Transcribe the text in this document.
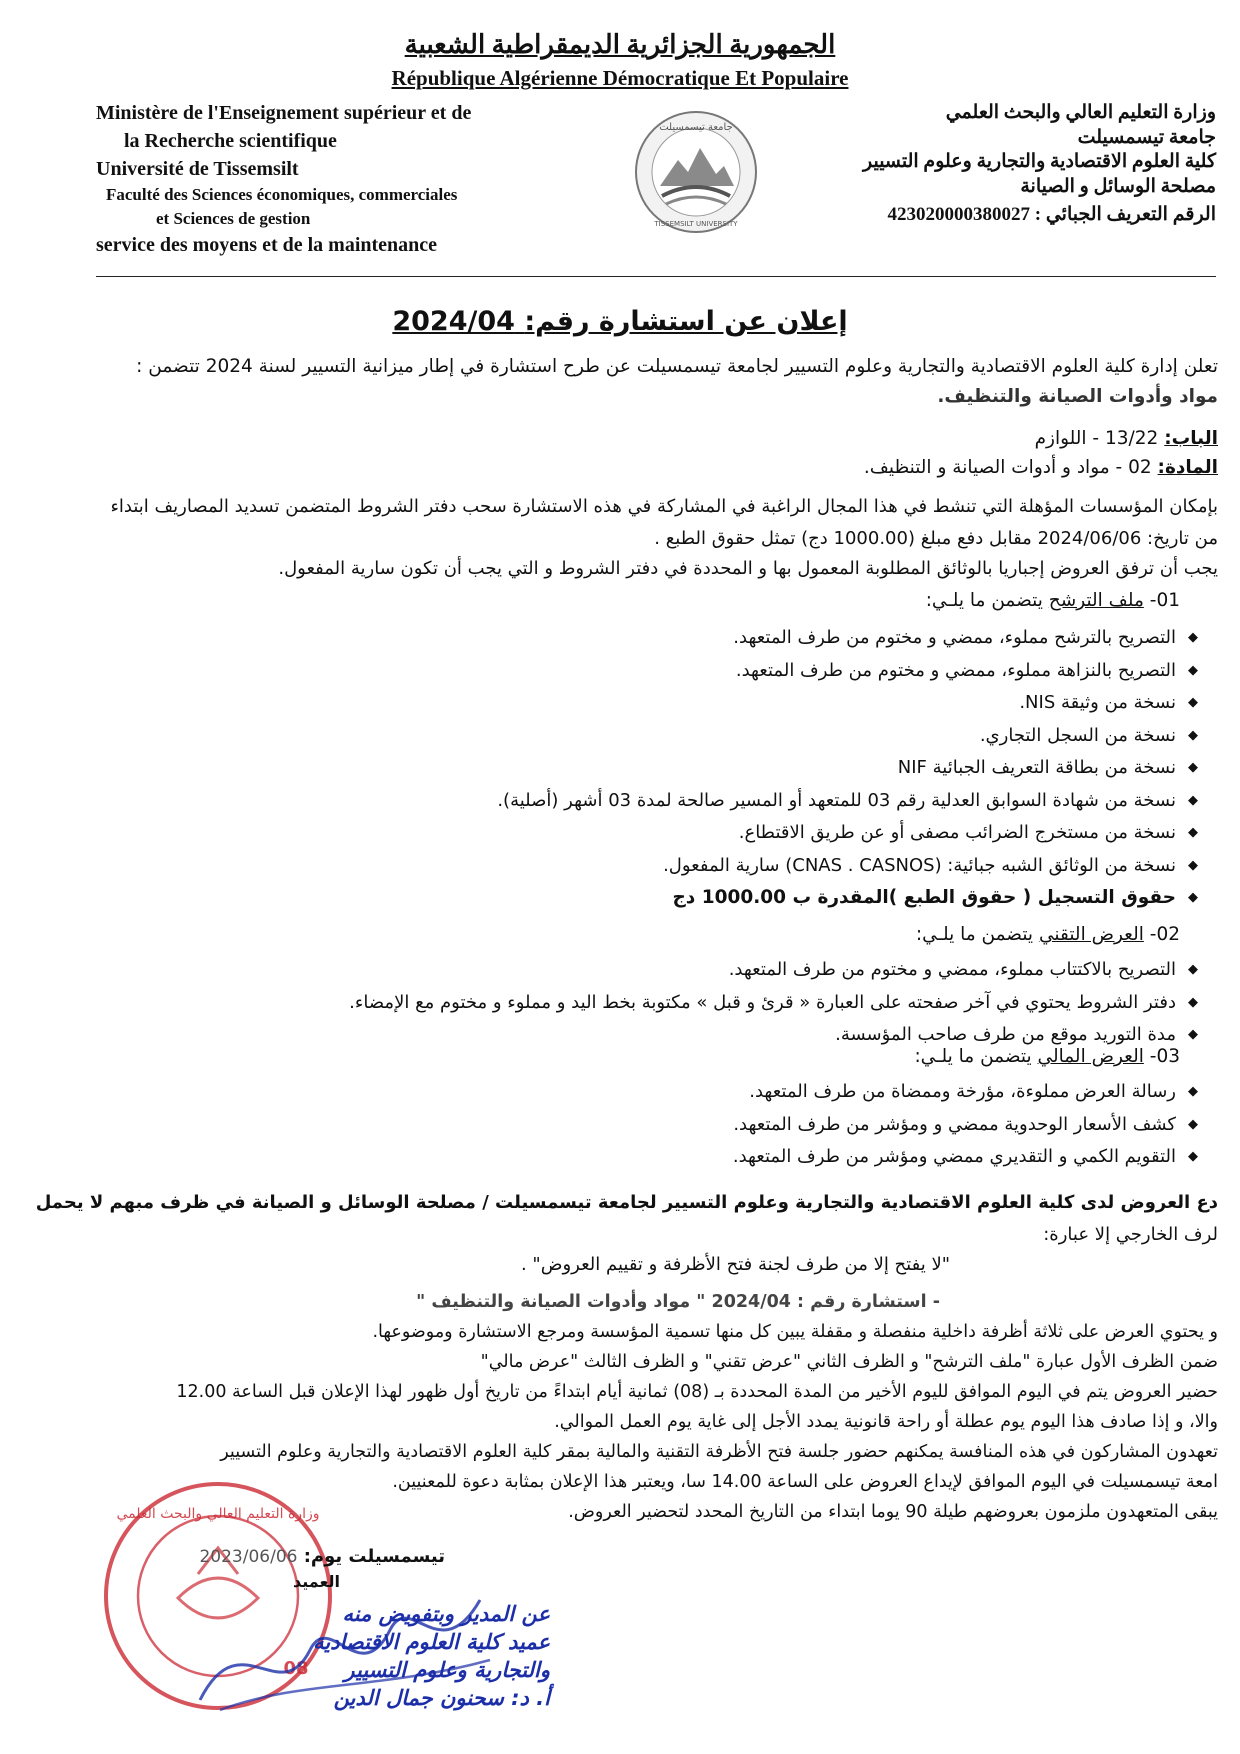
الجمهورية الجزائرية الديمقراطية الشعبية
République Algérienne Démocratique Et Populaire
Ministère de l'Enseignement supérieur et de
la Recherche scientifique
Université de Tissemsilt
Faculté des Sciences économiques, commerciales
et Sciences de gestion
service des moyens et de la maintenance
جامعة تيسمسيلت
TISSEMSILT UNIVERSITY
وزارة التعليم العالي والبحث العلمي
جامعة تيسمسيلت
كلية العلوم الاقتصادية والتجارية وعلوم التسيير
مصلحة الوسائل و الصيانة
الرقم التعريف الجبائي : 423020000380027
إعلان عن استشارة رقم: 2024/04
تعلن إدارة كلية العلوم الاقتصادية والتجارية وعلوم التسيير لجامعة تيسمسيلت عن طرح استشارة في إطار ميزانية التسيير لسنة 2024 تتضمن :
مواد وأدوات الصيانة والتنظيف.
الباب: 13/22 - اللوازم
المادة: 02 - مواد و أدوات الصيانة و التنظيف.
بإمكان المؤسسات المؤهلة التي تنشط في هذا المجال الراغبة في المشاركة في هذه الاستشارة سحب دفتر الشروط المتضمن تسديد المصاريف ابتداء
من تاريخ: 2024/06/06 مقابل دفع مبلغ (1000.00 دج) تمثل حقوق الطبع .
يجب أن ترفق العروض إجباريا بالوثائق المطلوبة المعمول بها و المحددة في دفتر الشروط و التي يجب أن تكون سارية المفعول.
01- ملف الترشح يتضمن ما يلـي:
◆ التصريح بالترشح مملوء، ممضي و مختوم من طرف المتعهد.
◆ التصريح بالنزاهة مملوء، ممضي و مختوم من طرف المتعهد.
◆ نسخة من وثيقة NIS.
◆ نسخة من السجل التجاري.
◆ نسخة من بطاقة التعريف الجبائية NIF
◆ نسخة من شهادة السوابق العدلية رقم 03 للمتعهد أو المسير صالحة لمدة 03 أشهر (أصلية).
◆ نسخة من مستخرج الضرائب مصفى أو عن طريق الاقتطاع.
◆ نسخة من الوثائق الشبه جبائية: (CNAS . CASNOS) سارية المفعول.
◆ حقوق التسجيل ( حقوق الطبع )المقدرة ب 1000.00 دج
02- العرض التقني يتضمن ما يلـي:
◆ التصريح بالاكتتاب مملوء، ممضي و مختوم من طرف المتعهد.
◆ دفتر الشروط يحتوي في آخر صفحته على العبارة « قرئ و قبل » مكتوبة بخط اليد و مملوء و مختوم مع الإمضاء.
◆ مدة التوريد موقع من طرف صاحب المؤسسة.
03- العرض المالي يتضمن ما يلـي:
◆ رسالة العرض مملوءة، مؤرخة وممضاة من طرف المتعهد.
◆ كشف الأسعار الوحدوية ممضي و ومؤشر من طرف المتعهد.
◆ التقويم الكمي و التقديري ممضي ومؤشر من طرف المتعهد.
دع العروض لدى كلية العلوم الاقتصادية والتجارية وعلوم التسيير لجامعة تيسمسيلت / مصلحة الوسائل و الصيانة في ظرف مبهم لا يحمل
لرف الخارجي إلا عبارة:
"لا يفتح إلا من طرف لجنة فتح الأظرفة و تقييم العروض" .
- استشارة رقم : 2024/04 " مواد وأدوات الصيانة والتنظيف "
و يحتوي العرض على ثلاثة أظرفة داخلية منفصلة و مقفلة يبين كل منها تسمية المؤسسة ومرجع الاستشارة وموضوعها.
ضمن الظرف الأول عبارة "ملف الترشح" و الظرف الثاني "عرض تقني" و الظرف الثالث "عرض مالي"
حضير العروض يتم في اليوم الموافق لليوم الأخير من المدة المحددة بـ (08) ثمانية أيام ابتداءً من تاريخ أول ظهور لهذا الإعلان قبل الساعة 12.00
والا، و إذا صادف هذا اليوم يوم عطلة أو راحة قانونية يمدد الأجل إلى غاية يوم العمل الموالي.
تعهدون المشاركون في هذه المنافسة يمكنهم حضور جلسة فتح الأظرفة التقنية والمالية بمقر كلية العلوم الاقتصادية والتجارية وعلوم التسيير
امعة تيسمسيلت في اليوم الموافق لإيداع العروض على الساعة 14.00 سا، ويعتبر هذا الإعلان بمثابة دعوة للمعنيين.
يبقى المتعهدون ملزمون بعروضهم طيلة 90 يوما ابتداء من التاريخ المحدد لتحضير العروض.
وزارة التعليم العالي والبحث العلمي
08
تيسمسيلت يوم: 2023/06/06
العميد
عن المدير وبتفويض منه
عميد كلية العلوم الاقتصادية
والتجارية وعلوم التسيير
أ. د: سحنون جمال الدين
